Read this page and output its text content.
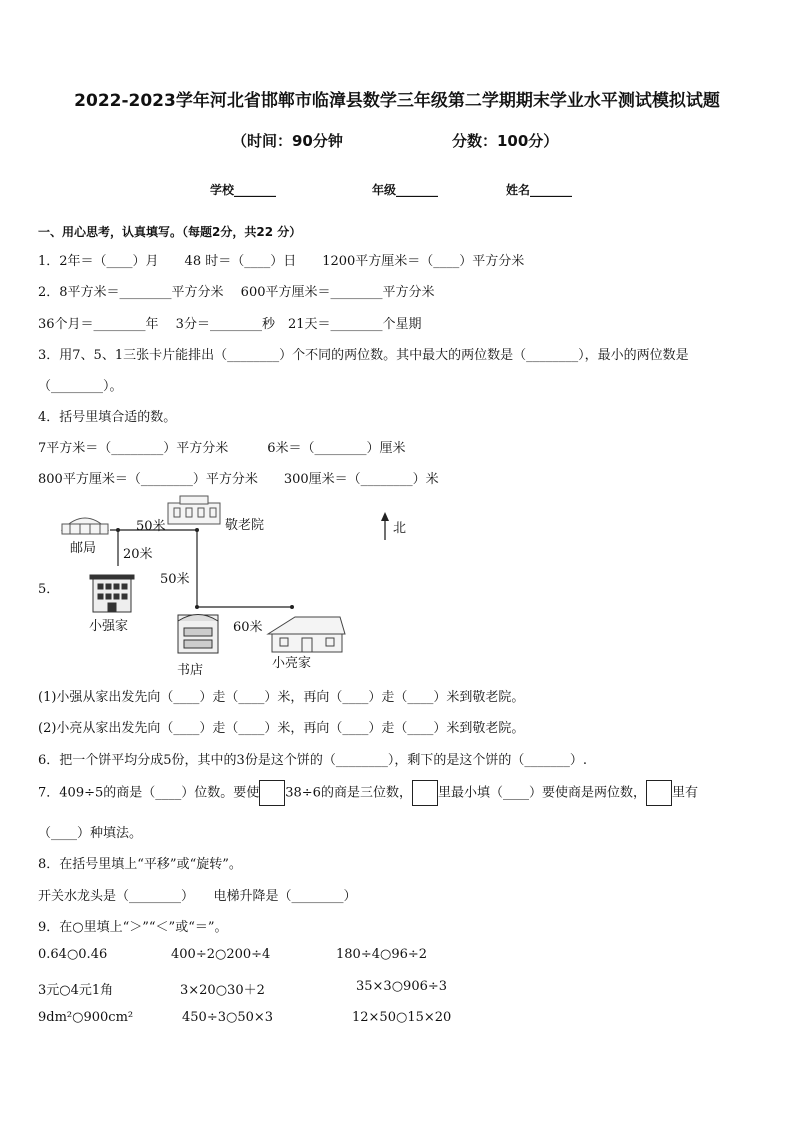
2022-2023学年河北省邯郸市临漳县数学三年级第二学期期末学业水平测试模拟试题
（时间：90分钟	分数：100分）
学校_______	年级_______	姓名_______
一、用心思考，认真填写。（每题2分，共22 分）
1．2年＝（____）月　　48 时＝（____）日　　1200平方厘米＝（____）平方分米
2．8平方米＝________平方分米　 600平方厘米＝________平方分米
36个月＝________年　 3分＝________秒　21天＝________个星期
3．用7、5、1三张卡片能排出（________）个不同的两位数。其中最大的两位数是（________），最小的两位数是
（________）。
4．括号里填合适的数。
7平方米＝（________）平方分米　　　6米＝（________）厘米
800平方厘米＝（________）平方分米　　300厘米＝（________）米
5．
50米	敬老院	北
邮局 20米
50米
小强家	60米
小亮家
书店
(1)小强从家出发先向（____）走（____）米，再向（____）走（____）米到敬老院。
(2)小亮从家出发先向（____）走（____）米，再向（____）走（____）米到敬老院。
6．把一个饼平均分成5份，其中的3份是这个饼的（________），剩下的是这个饼的（_______）.
7．409÷5的商是（____）位数。要使 38÷6的商是三位数， 里最小填（____）要使商是两位数， 里有
（____）种填法。
8．在括号里填上“平移”或“旋转”。
开关水龙头是（________）　　电梯升降是（________）
9．在○里填上“＞”“＜”或“＝”。
0.64○0.46	400÷2○200÷4	180÷4○96÷2
3元○4元1角	3×20○30＋2	35×3○906÷3
9dm²○900cm²	450÷3○50×3	12×50○15×20
